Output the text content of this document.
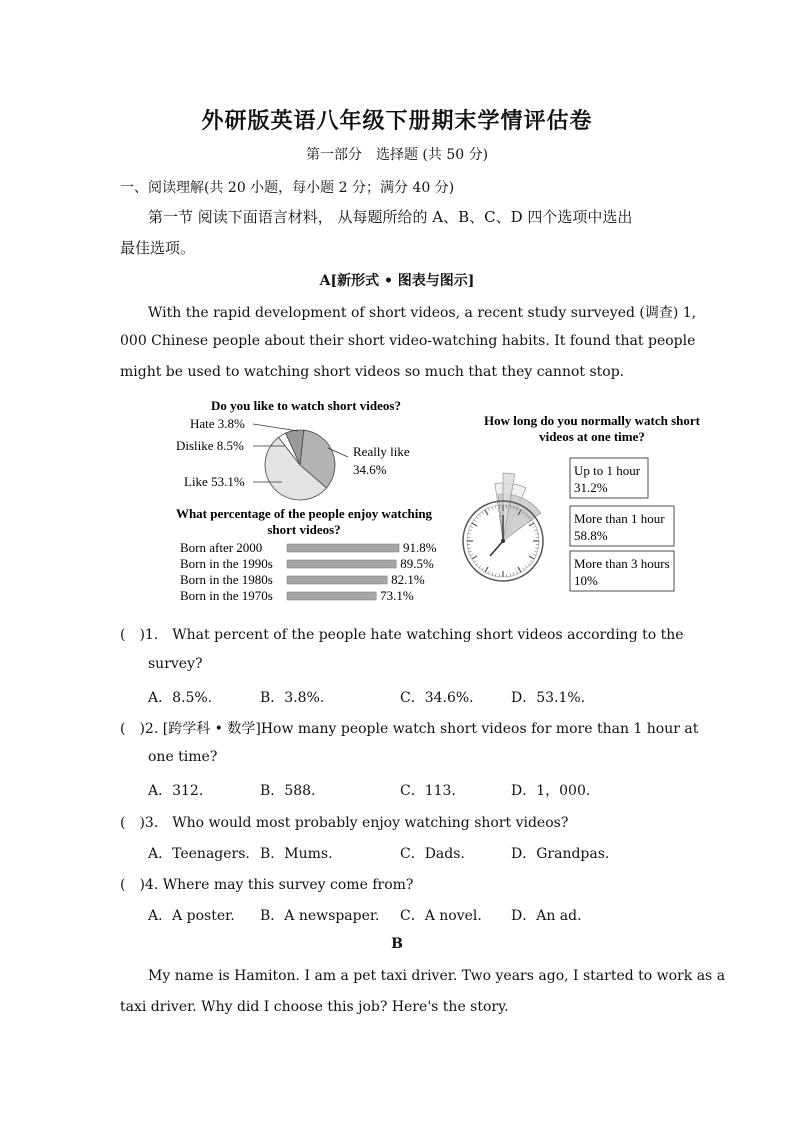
外研版英语八年级下册期末学情评估卷
第一部分　选择题 (共 50 分)
一、阅读理解(共 20 小题，每小题 2 分；满分 40 分)
第一节 阅读下面语言材料， 从每题所给的 A、B、C、D 四个选项中选出
最佳选项。
A[新形式 • 图表与图示]
With the rapid development of short videos, a recent study surveyed (调查) 1,
000 Chinese people about their short video-watching habits. It found that people
might be used to watching short videos so much that they cannot stop.
Do you like to watch short videos?
Hate 3.8%
Dislike 8.5%	Really like
34.6%
Like 53.1%
What percentage of the people enjoy watching
short videos?
Born after 2000	91.8%
Born in the 1990s	89.5%
Born in the 1980s	82.1%
Born in the 1970s	73.1%
How long do you normally watch short
videos at one time?
Up to 1 hour
31.2%
More than 1 hour
58.8%
More than 3 hours
10%
(　)1.　What percent of the people hate watching short videos according to the
survey?
A．8.5%.	B．3.8%.	C．34.6%.	D．53.1%.
(　)2. [跨学科 • 数学]How many people watch short videos for more than 1 hour at
one time?
A．312.	B．588.	C．113.	D．1，000.
(　)3.　Who would most probably enjoy watching short videos?
A．Teenagers. B．Mums.	C．Dads.	D．Grandpas.
(　)4. Where may this survey come from?
A．A poster. B．A newspaper. C．A novel. D．An ad.
B
My name is Hamiton. I am a pet taxi driver. Two years ago, I started to work as a
taxi driver. Why did I choose this job? Here's the story.
